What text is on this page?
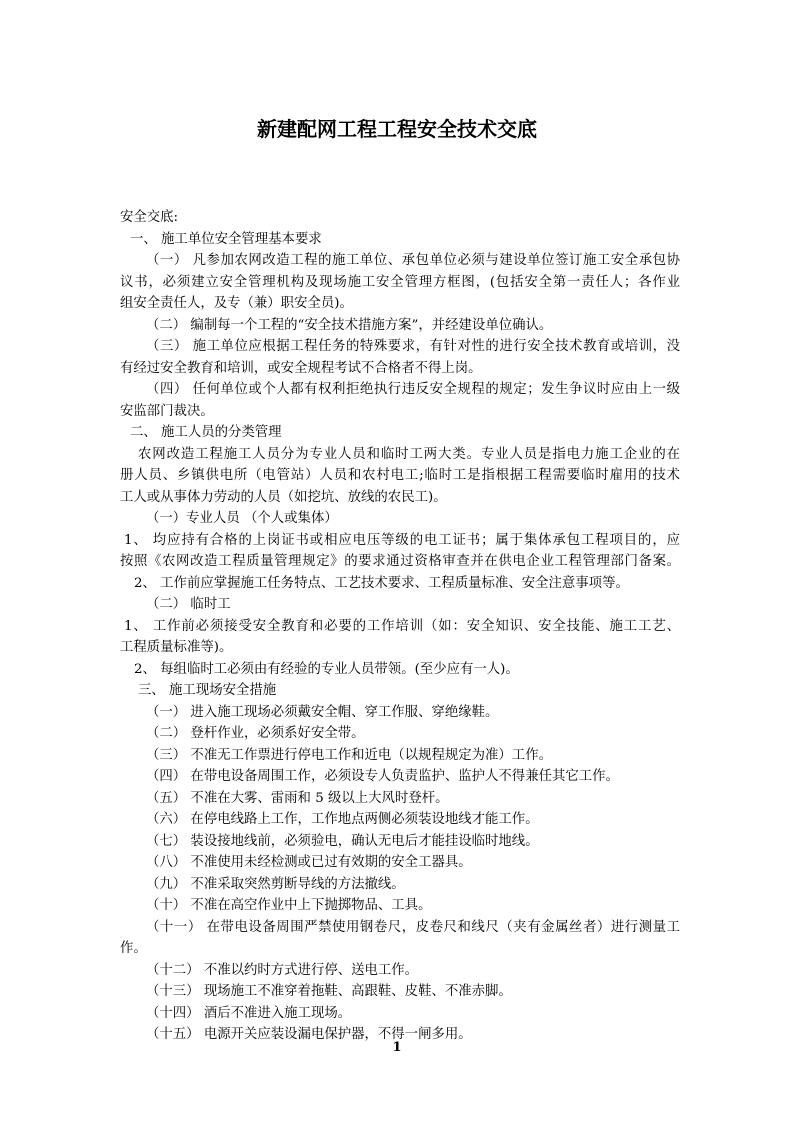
新建配网工程工程安全技术交底
安全交底:
一、 施工单位安全管理基本要求
（一） 凡参加农网改造工程的施工单位、承包单位必须与建设单位签订施工安全承包协
议书，必须建立安全管理机构及现场施工安全管理方框图，(包括安全第一责任人；各作业
组安全责任人，及专（兼）职安全员)。
（二） 编制每一个工程的“安全技术措施方案”，并经建设单位确认。
（三） 施工单位应根据工程任务的特殊要求，有针对性的进行安全技术教育或培训，没
有经过安全教育和培训，或安全规程考试不合格者不得上岗。
（四） 任何单位或个人都有权利拒绝执行违反安全规程的规定；发生争议时应由上一级
安监部门裁决。
二、 施工人员的分类管理
农网改造工程施工人员分为专业人员和临时工两大类。专业人员是指电力施工企业的在
册人员、乡镇供电所（电管站）人员和农村电工;临时工是指根据工程需要临时雇用的技术
工人或从事体力劳动的人员（如挖坑、放线的农民工)。
（一）专业人员 （个人或集体）
1、 均应持有合格的上岗证书或相应电压等级的电工证书；属于集体承包工程项目的，应
按照《农网改造工程质量管理规定》的要求通过资格审查并在供电企业工程管理部门备案。
2、 工作前应掌握施工任务特点、工艺技术要求、工程质量标准、安全注意事项等。
（二） 临时工
1、 工作前必须接受安全教育和必要的工作培训（如：安全知识、安全技能、施工工艺、
工程质量标准等)。
2、 每组临时工必须由有经验的专业人员带领。(至少应有一人)。
三、 施工现场安全措施
（一） 进入施工现场必须戴安全帽、穿工作服、穿绝缘鞋。
（二） 登杆作业，必须系好安全带。
（三） 不准无工作票进行停电工作和近电（以规程规定为准）工作。
（四） 在带电设备周围工作，必须设专人负责监护、监护人不得兼任其它工作。
（五） 不准在大雾、雷雨和 5 级以上大风时登杆。
（六） 在停电线路上工作，工作地点两侧必须装设地线才能工作。
（七） 装设接地线前，必须验电，确认无电后才能挂设临时地线。
（八） 不准使用未经检测或已过有效期的安全工器具。
（九） 不准采取突然剪断导线的方法撤线。
（十） 不准在高空作业中上下抛掷物品、工具。
（十一） 在带电设备周围严禁使用钢卷尺，皮卷尺和线尺（夹有金属丝者）进行测量工
作。
（十二） 不准以约时方式进行停、送电工作。
（十三） 现场施工不准穿着拖鞋、高跟鞋、皮鞋、不准赤脚。
（十四） 酒后不准进入施工现场。
（十五） 电源开关应装设漏电保护器，不得一闸多用。
1
